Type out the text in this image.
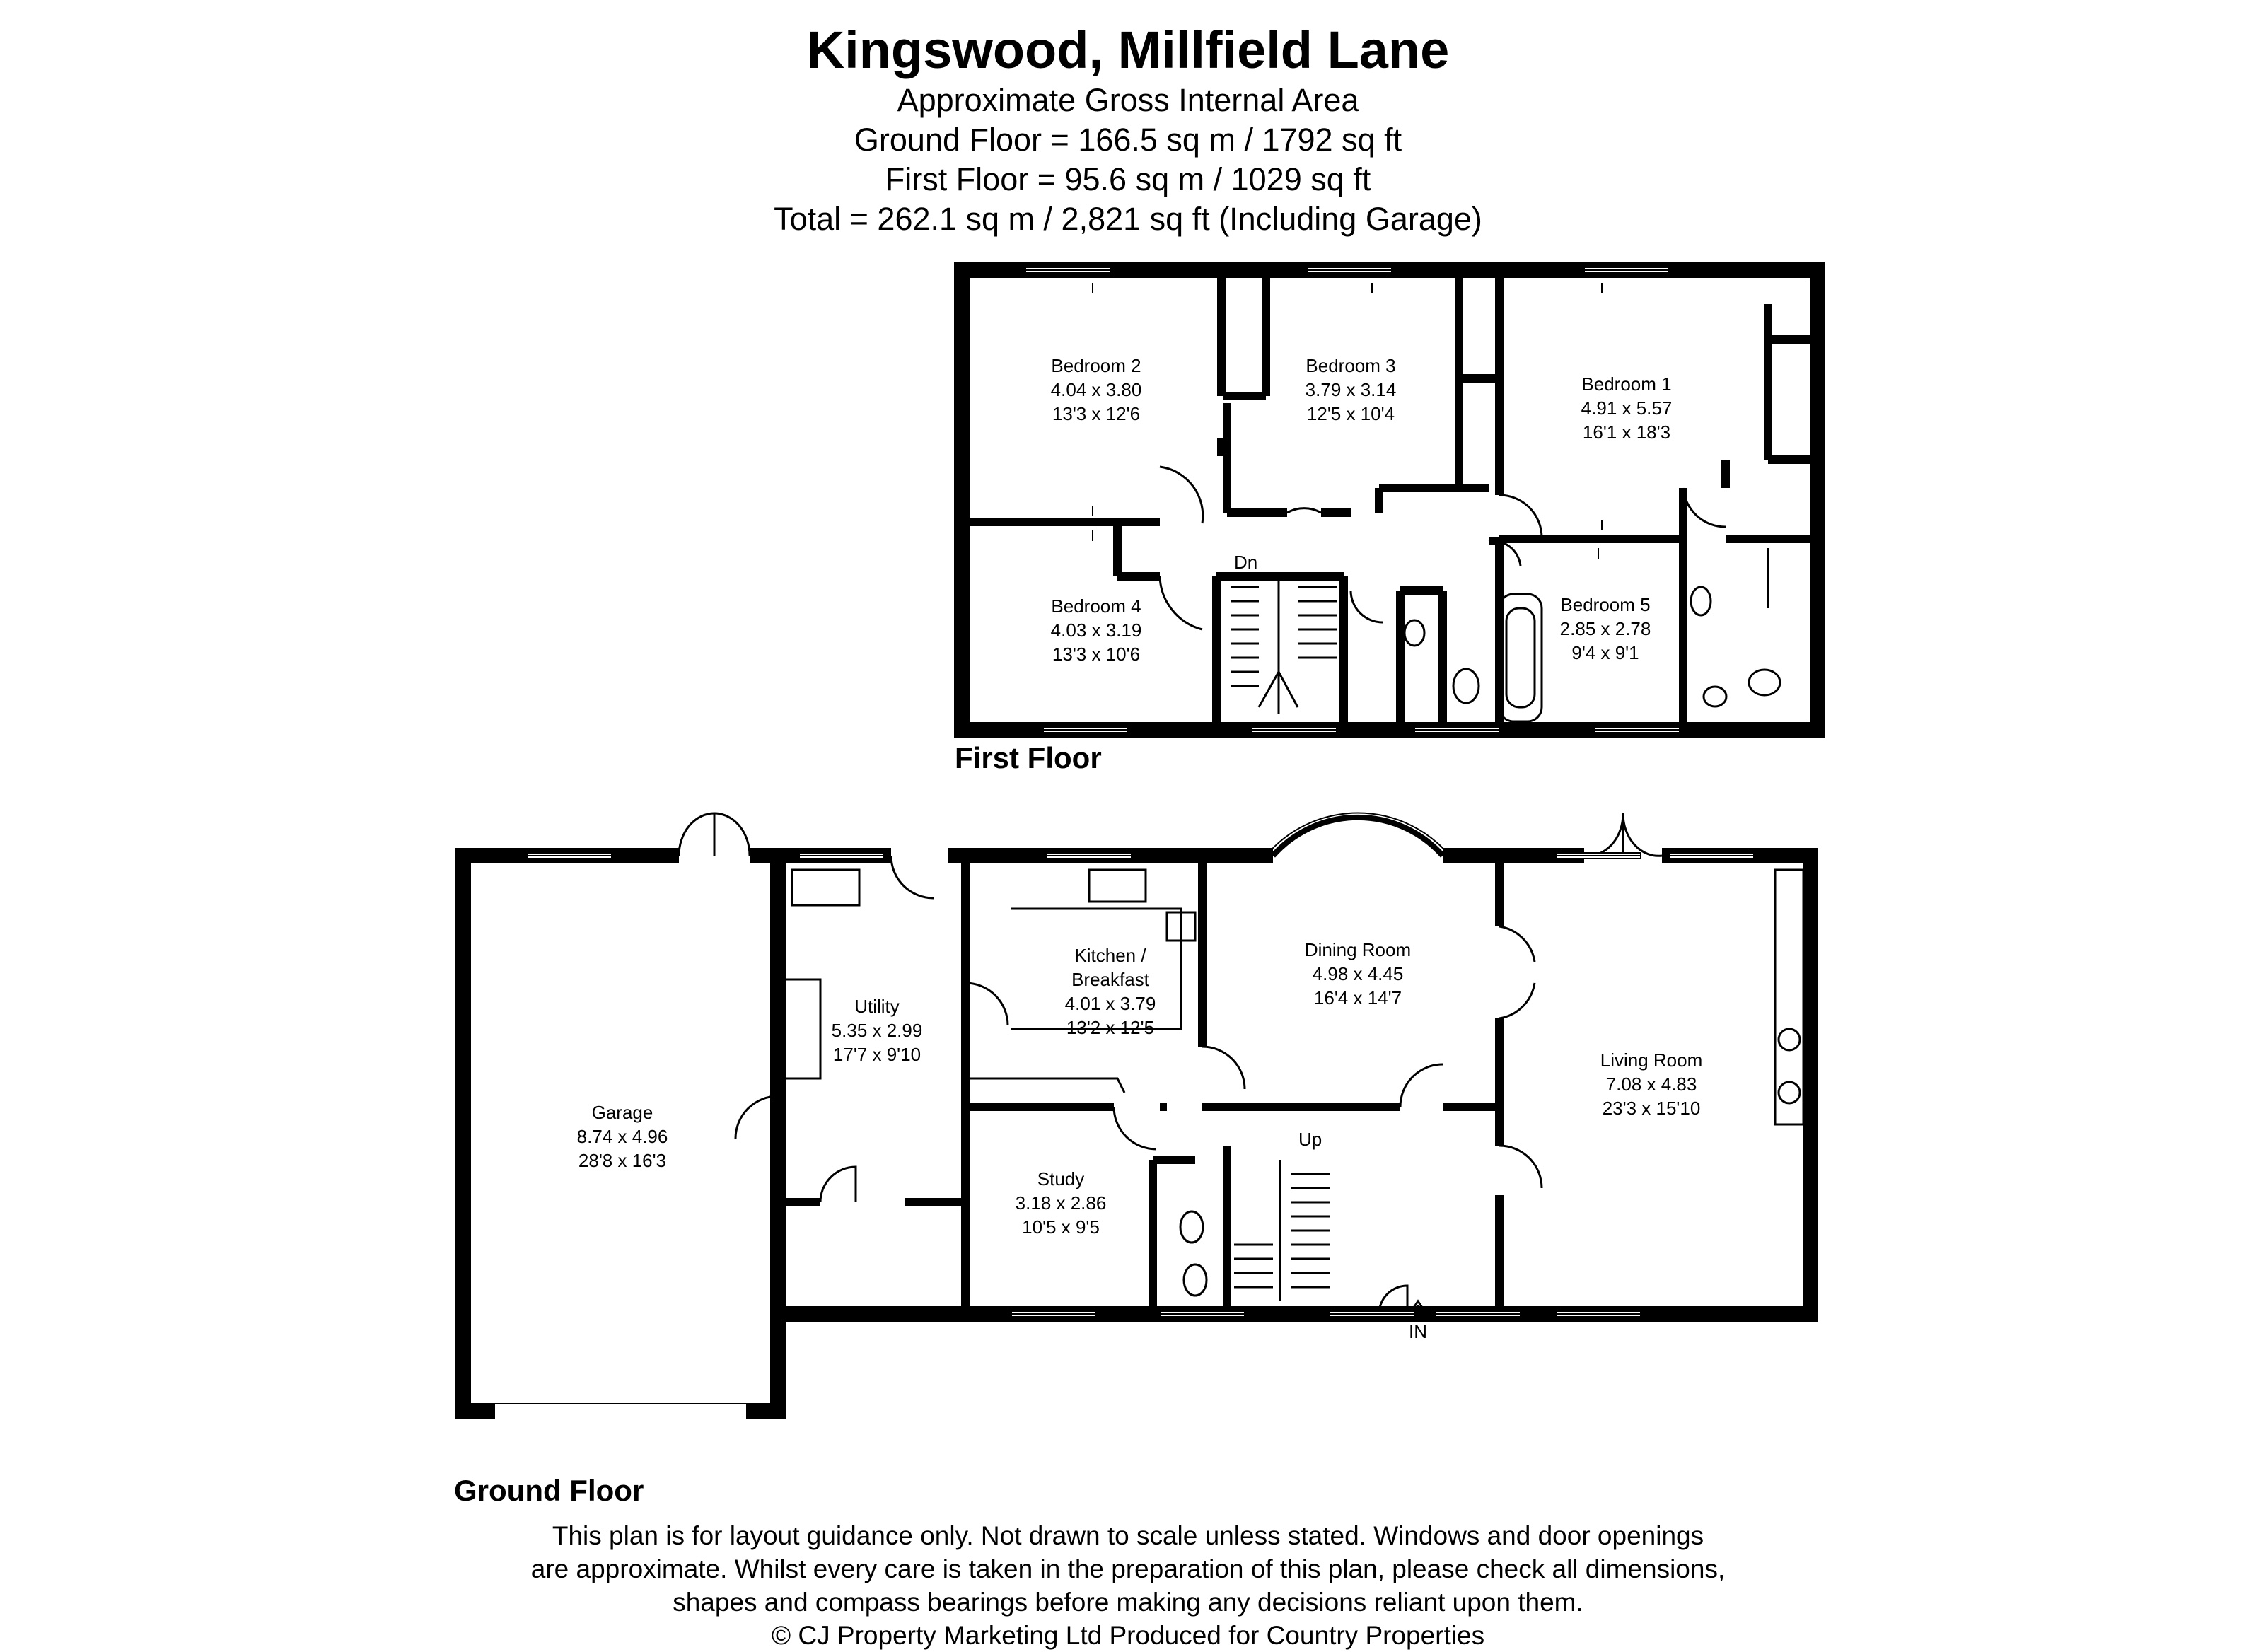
Kingswood, Millfield Lane
Approximate Gross Internal Area
Ground Floor = 166.5 sq m / 1792 sq ft
First Floor = 95.6 sq m / 1029 sq ft
Total = 262.1 sq m / 2,821 sq ft (Including Garage)
Bedroom 2
4.04 x 3.80
13'3 x 12'6
Bedroom 3
3.79 x 3.14
12'5 x 10'4
Bedroom 1
4.91 x 5.57
16'1 x 18'3
Bedroom 4
4.03 x 3.19
13'3 x 10'6
Bedroom 5
2.85 x 2.78
9'4 x 9'1
Dn
First Floor
Garage
8.74 x 4.96
28'8 x 16'3
Utility
5.35 x 2.99
17'7 x 9'10
Kitchen /
Breakfast
4.01 x 3.79
13'2 x 12'5
Dining Room
4.98 x 4.45
16'4 x 14'7
Living Room
7.08 x 4.83
23'3 x 15'10
Study
3.18 x 2.86
10'5 x 9'5
Up
IN
Ground Floor
This plan is for layout guidance only. Not drawn to scale unless stated. Windows and door openings
are approximate. Whilst every care is taken in the preparation of this plan, please check all dimensions,
shapes and compass bearings before making any decisions reliant upon them.
© CJ Property Marketing Ltd Produced for Country Properties
